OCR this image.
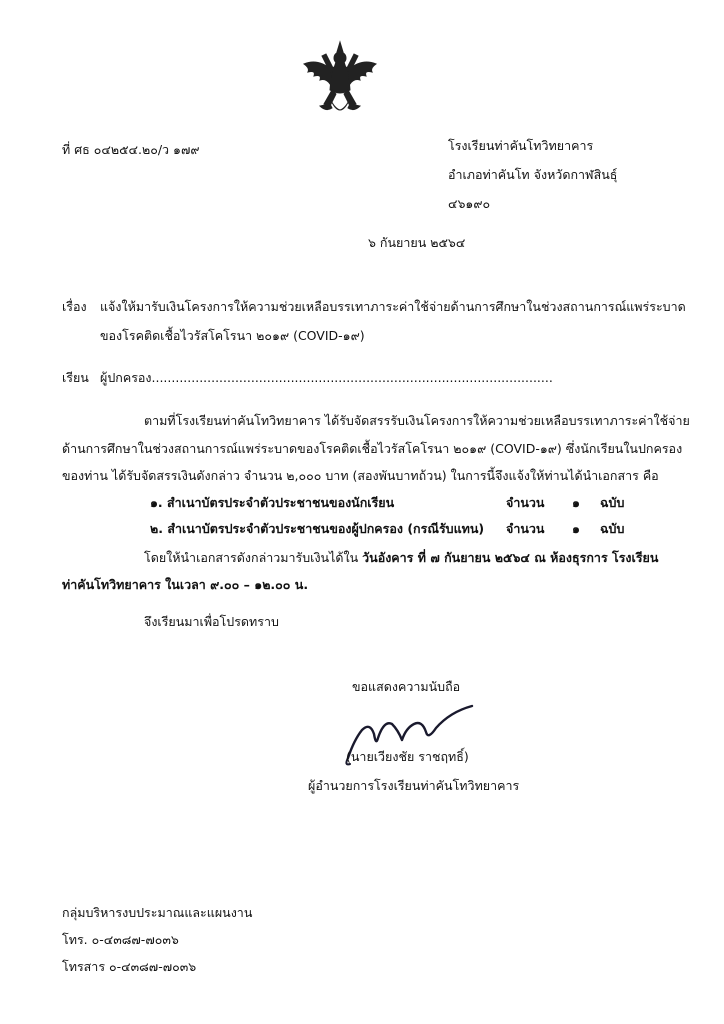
ที่ ศธ ๐๔๒๕๔.๒๐/ว ๑๗๙	โรงเรียนท่าคันโทวิทยาคาร
อำเภอท่าคันโท จังหวัดกาฬสินธุ์
๔๖๑๙๐
๖ กันยายน ๒๕๖๔
เรื่อง แจ้งให้มารับเงินโครงการให้ความช่วยเหลือบรรเทาภาระค่าใช้จ่ายด้านการศึกษาในช่วงสถานการณ์แพร่ระบาด
ของโรคติดเชื้อไวรัสโคโรนา ๒๐๑๙ (COVID-๑๙)
เรียน ผู้ปกครอง.....................................................................................................
ตามที่โรงเรียนท่าคันโทวิทยาคาร ได้รับจัดสรรรับเงินโครงการให้ความช่วยเหลือบรรเทาภาระค่าใช้จ่าย
ด้านการศึกษาในช่วงสถานการณ์แพร่ระบาดของโรคติดเชื้อไวรัสโคโรนา ๒๐๑๙ (COVID-๑๙) ซึ่งนักเรียนในปกครอง
ของท่าน ได้รับจัดสรรเงินดังกล่าว จำนวน ๒,๐๐๐ บาท (สองพันบาทถ้วน) ในการนี้จึงแจ้งให้ท่านได้นำเอกสาร คือ
๑. สำเนาบัตรประจำตัวประชาชนของนักเรียน	จำนวน ๑ ฉบับ
๒. สำเนาบัตรประจำตัวประชาชนของผู้ปกครอง (กรณีรับแทน) จำนวน ๑ ฉบับ
โดยให้นำเอกสารดังกล่าวมารับเงินได้ใน วันอังคาร ที่ ๗ กันยายน ๒๕๖๔ ณ ห้องธุรการ โรงเรียน
ท่าคันโทวิทยาคาร ในเวลา ๙.๐๐ – ๑๒.๐๐ น.
จึงเรียนมาเพื่อโปรดทราบ
ขอแสดงความนับถือ
(นายเวียงชัย ราชฤทธิ์)
ผู้อำนวยการโรงเรียนท่าคันโทวิทยาคาร
กลุ่มบริหารงบประมาณและแผนงาน
โทร. ๐-๔๓๘๗-๗๐๓๖
โทรสาร ๐-๔๓๘๗-๗๐๓๖
